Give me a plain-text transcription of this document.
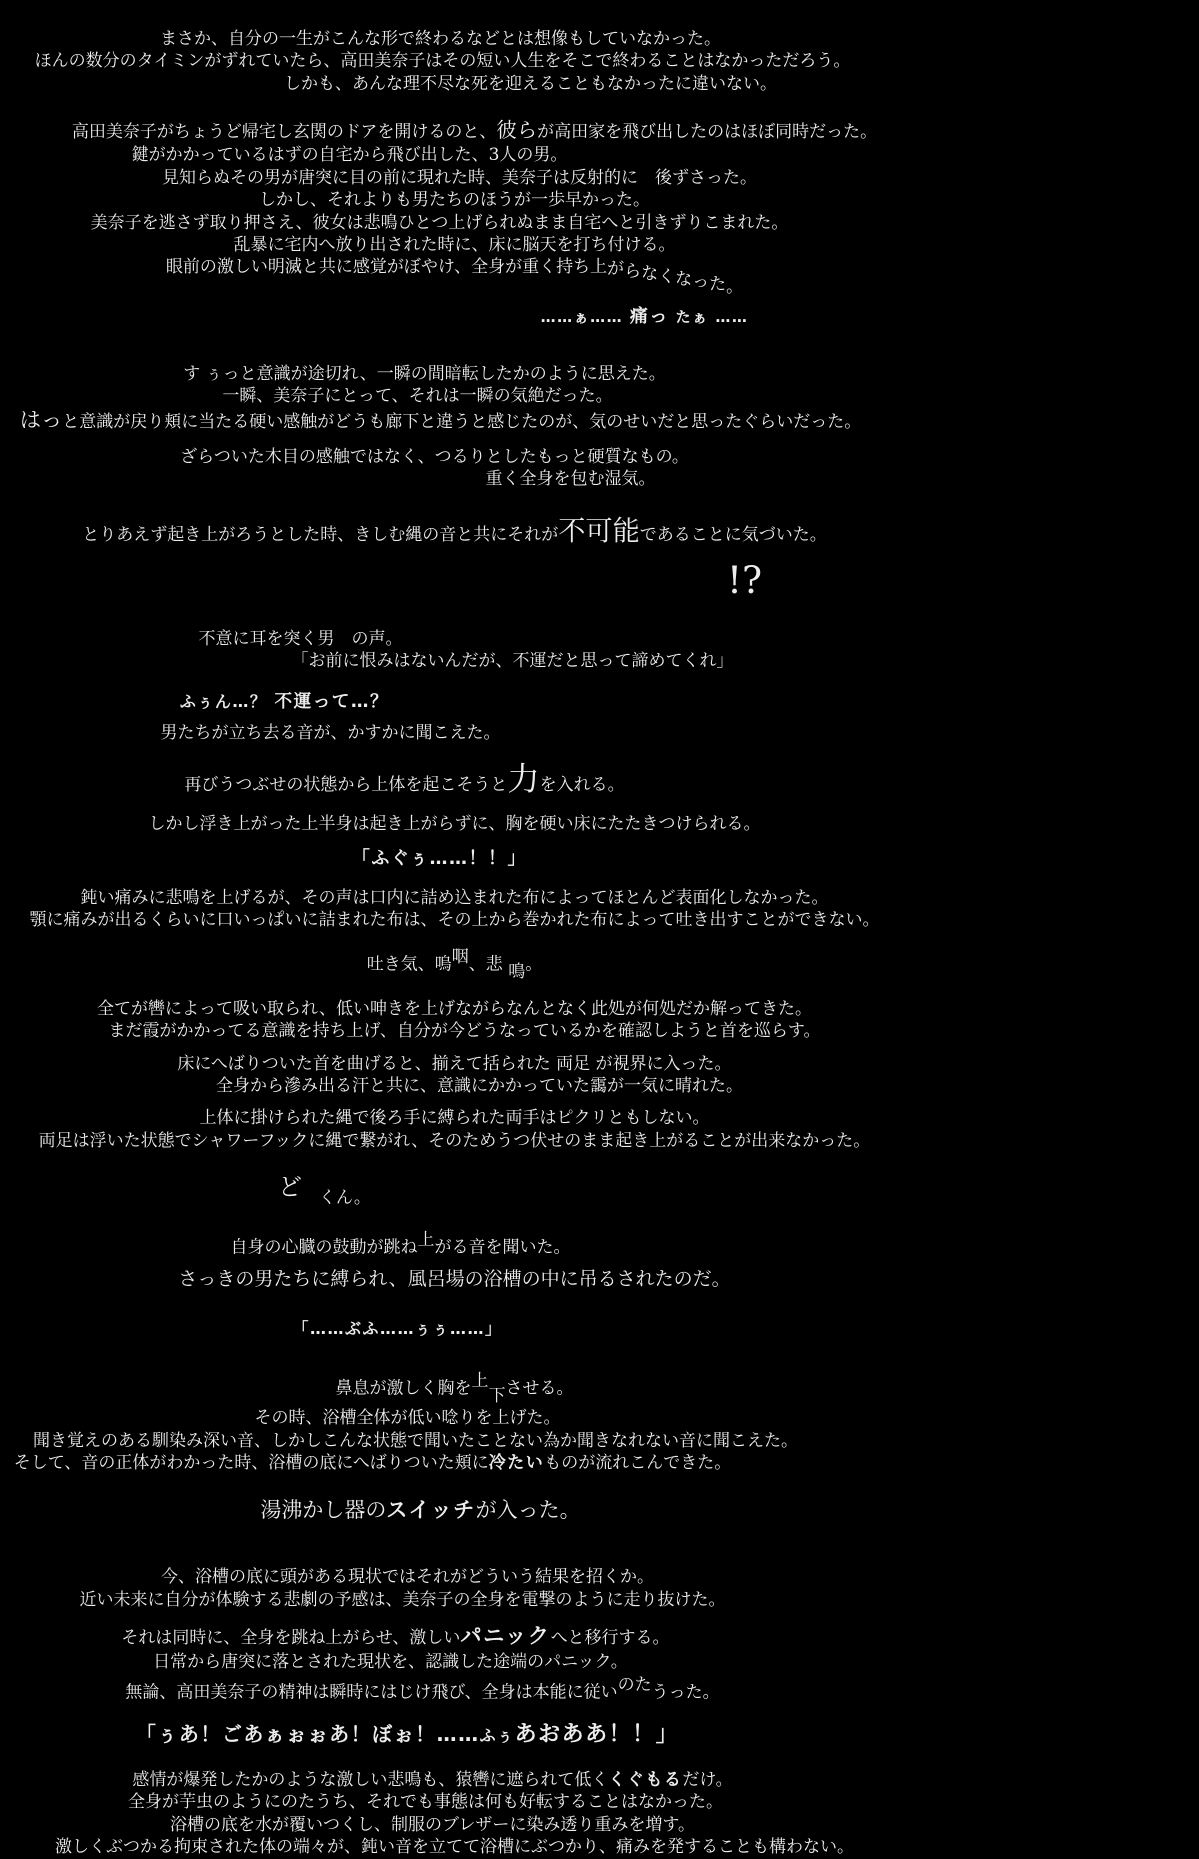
まさか、自分の一生がこんな形で終わるなどとは想像もしていなかった。
ほんの数分のタイミンがずれていたら、高田美奈子はその短い人生をそこで終わることはなかっただろう。
しかも、あんな理不尽な死を迎えることもなかったに違いない。
高田美奈子がちょうど帰宅し玄関のドアを開けるのと、彼らが高田家を飛び出したのはほぼ同時だった。
鍵がかかっているはずの自宅から飛び出した、3人の男。
見知らぬその男が唐突に目の前に現れた時、美奈子は反射的に　後ずさった。
しかし、それよりも男たちのほうが一歩早かった。
美奈子を逃さず取り押さえ、彼女は悲鳴ひとつ上げられぬまま自宅へと引きずりこまれた。
乱暴に宅内へ放り出された時に、床に脳天を打ち付ける。
眼前の激しい明滅と共に感覚がぼやけ、全身が重く持ち上がらなくなった。
……ぁ…… 痛っ たぁ ……
す ぅっと意識が途切れ、一瞬の間暗転したかのように思えた。
一瞬、美奈子にとって、それは一瞬の気絶だった。
はっと意識が戻り頬に当たる硬い感触がどうも廊下と違うと感じたのが、気のせいだと思ったぐらいだった。
ざらついた木目の感触ではなく、つるりとしたもっと硬質なもの。
重く全身を包む湿気。
とりあえず起き上がろうとした時、きしむ縄の音と共にそれが不可能であることに気づいた。
!?
不意に耳を突く男　の声。
「お前に恨みはないんだが、不運だと思って諦めてくれ」
ふぅん…？ 不運って…？
男たちが立ち去る音が、かすかに聞こえた。
再びうつぶせの状態から上体を起こそうと力を入れる。
しかし浮き上がった上半身は起き上がらずに、胸を硬い床にたたきつけられる。
「ふぐぅ……！！」
鈍い痛みに悲鳴を上げるが、その声は口内に詰め込まれた布によってほとんど表面化しなかった。
顎に痛みが出るくらいに口いっぱいに詰まれた布は、その上から巻かれた布によって吐き出すことができない。
吐き気、嗚咽、悲 鳴。
全てが轡によって吸い取られ、低い呻きを上げながらなんとなく此処が何処だか解ってきた。
まだ霞がかかってる意識を持ち上げ、自分が今どうなっているかを確認しようと首を巡らす。
床にへばりついた首を曲げると、揃えて括られた 両足 が視界に入った。
全身から滲み出る汗と共に、意識にかかっていた靄が一気に晴れた。
上体に掛けられた縄で後ろ手に縛られた両手はピクリともしない。
両足は浮いた状態でシャワーフックに縄で繋がれ、そのためうつ伏せのまま起き上がることが出来なかった。
ど　 くん。
自身の心臓の鼓動が跳ね上がる音を聞いた。
さっきの男たちに縛られ、風呂場の浴槽の中に吊るされたのだ。
「……ぶふ……ぅぅ……」
鼻息が激しく胸を上下させる。
その時、浴槽全体が低い唸りを上げた。
聞き覚えのある馴染み深い音、しかしこんな状態で聞いたことない為か聞きなれない音に聞こえた。
そして、音の正体がわかった時、浴槽の底にへばりついた頬に冷たいものが流れこんできた。
湯沸かし器のスイッチが入った。
今、浴槽の底に頭がある現状ではそれがどういう結果を招くか。
近い未来に自分が体験する悲劇の予感は、美奈子の全身を電撃のように走り抜けた。
それは同時に、全身を跳ね上がらせ、激しいパニックへと移行する。
日常から唐突に落とされた現状を、認識した途端のパニック。
無論、高田美奈子の精神は瞬時にはじけ飛び、全身は本能に従いのたうった。
「ぅあ！ごあぁぉぉあ！ぼぉ！……ふぅあおああ！！」
感情が爆発したかのような激しい悲鳴も、猿轡に遮られて低くくぐもるだけ。
全身が芋虫のようにのたうち、それでも事態は何も好転することはなかった。
浴槽の底を水が覆いつくし、制服のブレザーに染み透り重みを増す。
激しくぶつかる拘束された体の端々が、鈍い音を立てて浴槽にぶつかり、痛みを発することも構わない。
